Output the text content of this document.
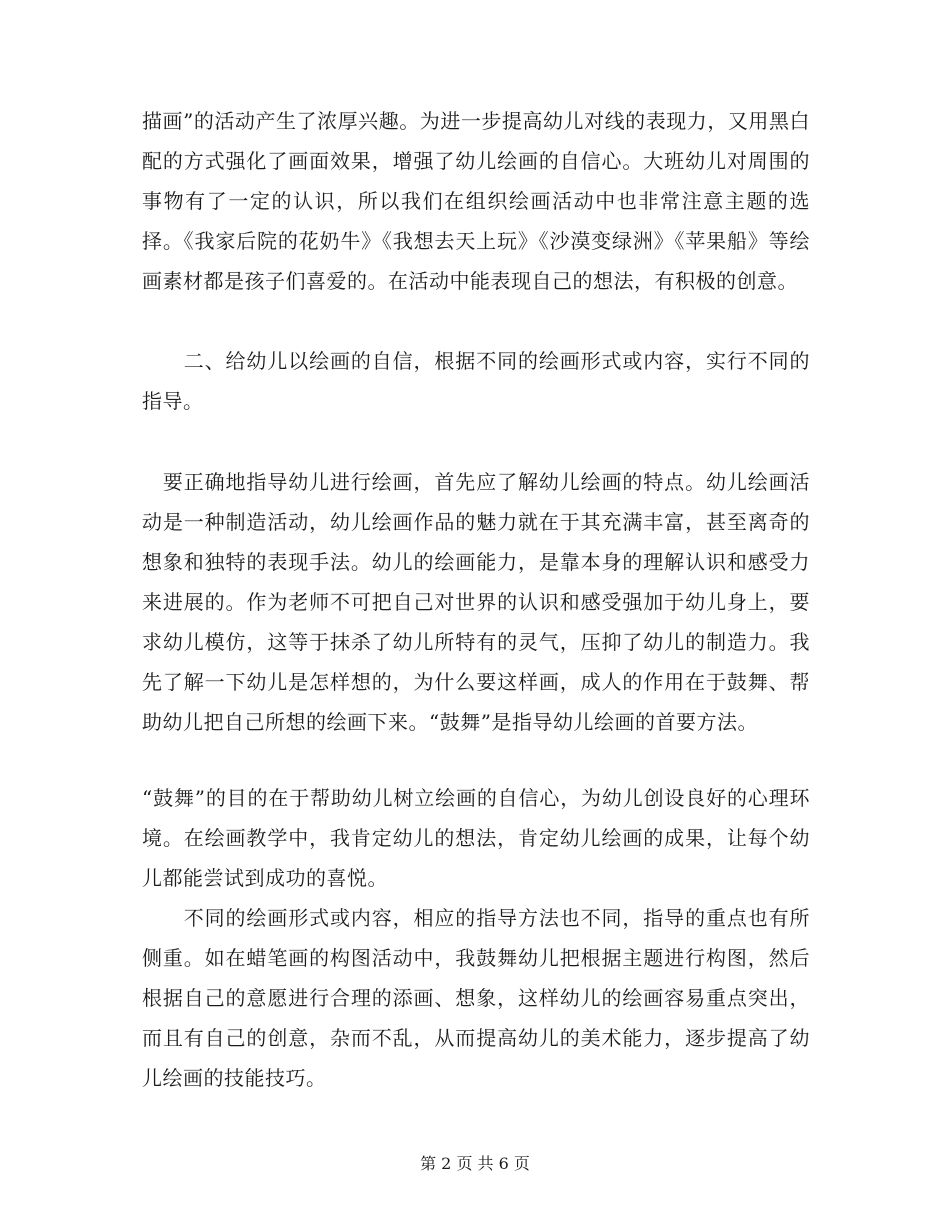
描画”的活动产生了浓厚兴趣。为进一步提高幼儿对线的表现力，又用黑白配的方式强化了画面效果，增强了幼儿绘画的自信心。大班幼儿对周围的事物有了一定的认识，所以我们在组织绘画活动中也非常注意主题的选择。《我家后院的花奶牛》《我想去天上玩》《沙漠变绿洲》《苹果船》等绘画素材都是孩子们喜爱的。在活动中能表现自己的想法，有积极的创意。
　　二、给幼儿以绘画的自信，根据不同的绘画形式或内容，实行不同的指导。
　要正确地指导幼儿进行绘画，首先应了解幼儿绘画的特点。幼儿绘画活动是一种制造活动，幼儿绘画作品的魅力就在于其充满丰富，甚至离奇的想象和独特的表现手法。幼儿的绘画能力，是靠本身的理解认识和感受力来进展的。作为老师不可把自己对世界的认识和感受强加于幼儿身上，要求幼儿模仿，这等于抹杀了幼儿所特有的灵气，压抑了幼儿的制造力。我先了解一下幼儿是怎样想的，为什么要这样画，成人的作用在于鼓舞、帮助幼儿把自己所想的绘画下来。“鼓舞”是指导幼儿绘画的首要方法。
“鼓舞”的目的在于帮助幼儿树立绘画的自信心，为幼儿创设良好的心理环境。在绘画教学中，我肯定幼儿的想法，肯定幼儿绘画的成果，让每个幼儿都能尝试到成功的喜悦。
　　不同的绘画形式或内容，相应的指导方法也不同，指导的重点也有所侧重。如在蜡笔画的构图活动中，我鼓舞幼儿把根据主题进行构图，然后根据自己的意愿进行合理的添画、想象，这样幼儿的绘画容易重点突出，而且有自己的创意，杂而不乱，从而提高幼儿的美术能力，逐步提高了幼儿绘画的技能技巧。
第 2 页 共 6 页
